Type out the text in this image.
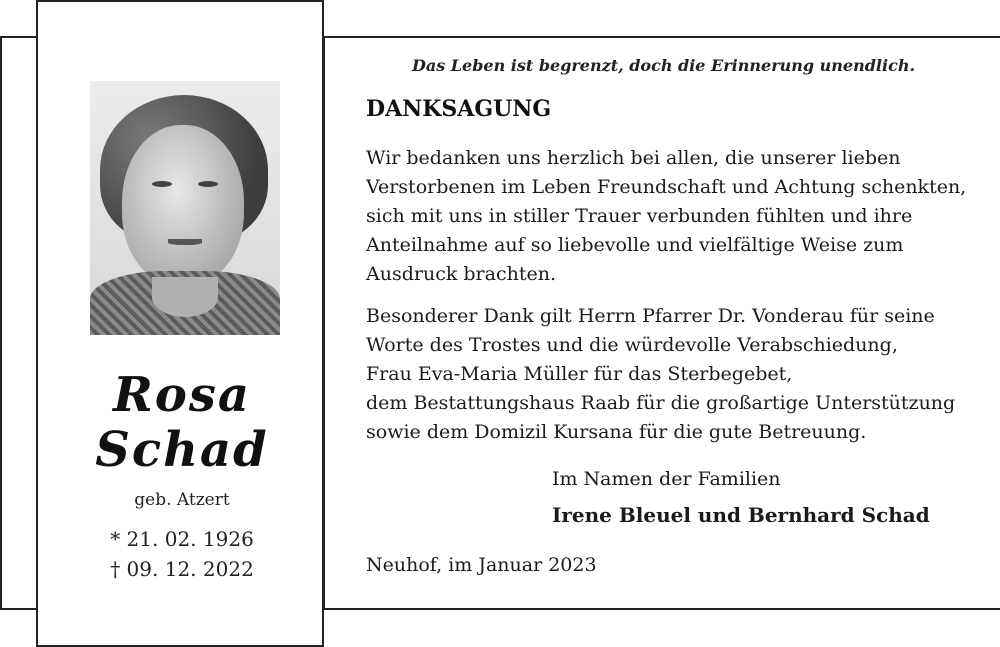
Rosa
Schad
geb. Atzert
* 21. 02. 1926
† 09. 12. 2022
Das Leben ist begrenzt, doch die Erinnerung unendlich.
DANKSAGUNG

Wir bedanken uns herzlich bei allen, die unserer lieben
Verstorbenen im Leben Freundschaft und Achtung schenkten,
sich mit uns in stiller Trauer verbunden fühlten und ihre
Anteilnahme auf so liebevolle und vielfältige Weise zum
Ausdruck brachten.

Besonderer Dank gilt Herrn Pfarrer Dr. Vonderau für seine
Worte des Trostes und die würdevolle Verabschiedung,
Frau Eva-Maria Müller für das Sterbegebet,
dem Bestattungshaus Raab für die großartige Unterstützung
sowie dem Domizil Kursana für die gute Betreuung.

Im Namen der Familien
Irene Bleuel und Bernhard Schad
Neuhof, im Januar 2023
